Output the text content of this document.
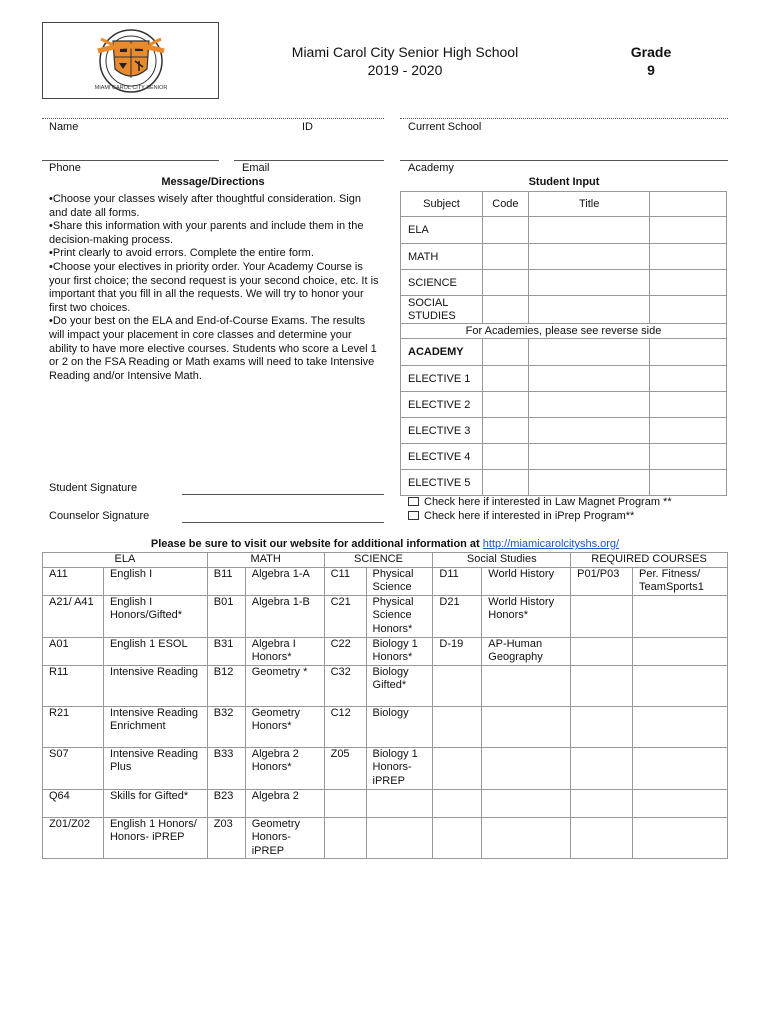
MIAMI CAROL CITY SENIOR
Miami Carol City Senior High School
2019 - 2020
Grade
9
Name	ID	Current School
Phone	Email	Academy
Message/Directions	Student Input

•Choose your classes wisely after thoughtful consideration. Sign and date all forms.

•Share this information with your parents and include them in the decision-making process.

•Print clearly to avoid errors. Complete the entire form.

•Choose your electives in priority order. Your Academy Course is your first choice; the second request is your second choice, etc. It is important that you fill in all the requests. We will try to honor your first two choices.

•Do your best on the ELA and End-of-Course Exams. The results will impact your placement in core classes and determine your ability to have more elective courses. Students who score a Level 1 or 2 on the FSA Reading or Math exams will need to take Intensive Reading and/or Intensive Math.

Subject	Code	Title	
ELA			
MATH			
SCIENCE			
SOCIAL STUDIES			
For Academies, please see reverse side			
ACADEMY			
ELECTIVE 1			
ELECTIVE 2			
ELECTIVE 3			
ELECTIVE 4			
ELECTIVE 5			
Student Signature
Counselor Signature
Check here if interested in Law Magnet Program **
Check here if interested in iPrep Program**
Please be sure to visit our website for additional information at http://miamicarolcityshs.org/
ELA		MATH		SCIENCE		Social Studies		REQUIRED COURSES	
A11	English I	B11	Algebra 1-A	C11	Physical Science	D11	World History	P01/P03	Per. Fitness/ TeamSports1
A21/ A41	English I Honors/Gifted*	B01	Algebra 1-B	C21	Physical Science Honors*	D21	World History Honors*		
A01	English 1 ESOL	B31	Algebra I Honors*	C22	Biology 1 Honors*	D-19	AP-Human Geography		
R11	Intensive Reading	B12	Geometry *	C32	Biology Gifted*				
R21	Intensive Reading Enrichment	B32	Geometry Honors*	C12	Biology				
S07	Intensive Reading Plus	B33	Algebra 2 Honors*	Z05	Biology 1 Honors- iPREP				
Q64	Skills for Gifted*	B23	Algebra 2						
Z01/Z02	English 1 Honors/ Honors- iPREP	Z03	Geometry Honors- iPREP						
